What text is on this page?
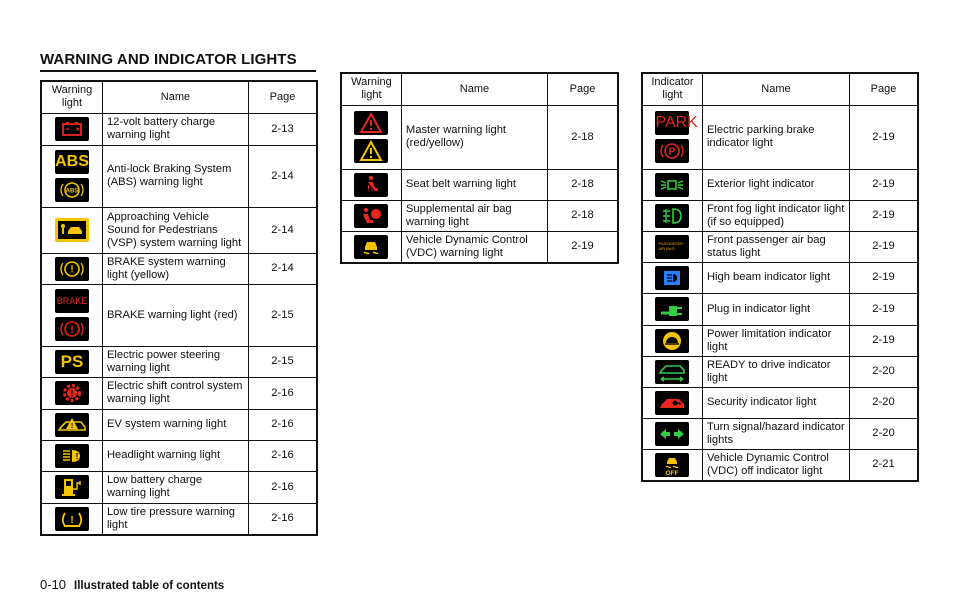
WARNING AND INDICATOR LIGHTS
Warning light	Name	Page

	12-volt battery charge warning light	2-13
ABS

ABS	Anti-lock Braking System (ABS) warning light	2-14

	Approaching Vehicle Sound for Pedestrians (VSP) system warning light	2-14

!	BRAKE system warning light (yellow)	2-14
BRAKE

!	BRAKE warning light (red)	2-15
PS	Electric power steering warning light	2-15

!	Electric shift control system warning light	2-16

!	EV system warning light	2-16

!	Headlight warning light	2-16

	Low battery charge warning light	2-16

!	Low tire pressure warning light	2-16
Warning light	Name	Page

	Master warning light (red/yellow)	2-18

	Seat belt warning light	2-18

	Supplemental air bag warning light	2-18

	Vehicle Dynamic Control (VDC) warning light	2-19
Indicator light	Name	Page
PARK

P	Electric parking brake indicator light	2-19

	Exterior light indicator	2-19

	Front fog light indicator light (if so equipped)	2-19

PASSENGER
AIR BAG	Front passenger air bag status light	2-19

	High beam indicator light	2-19

	Plug in indicator light	2-19

	Power limitation indicator light	2-19

	READY to drive indicator light	2-20

	Security indicator light	2-20

	Turn signal/hazard indicator lights	2-20

OFF	Vehicle Dynamic Control (VDC) off indicator light	2-21
0-10 Illustrated table of contents
